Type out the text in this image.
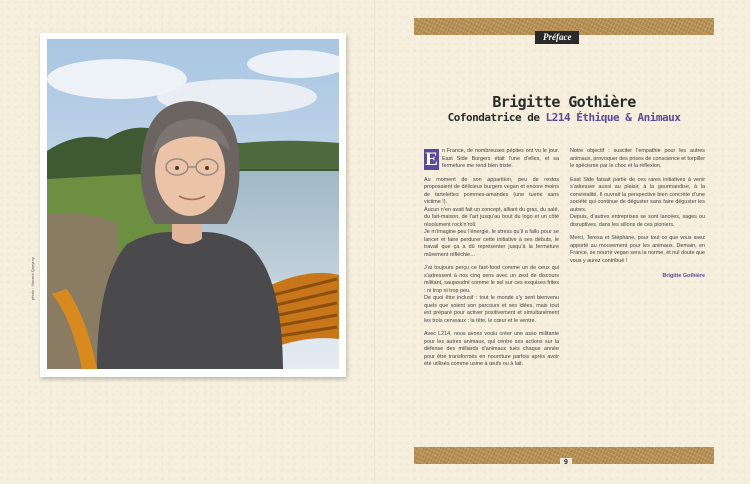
photo : Vincent Queyroy
Préface
Brigitte Gothière
Cofondatrice de L214 Éthique & Animaux

E n France, de nombreuses pépites ont vu le jour. East Side Burgers était l’une d’elles, et sa fermeture me rend bien triste.

Au moment de son apparition, peu de restos proposaient de délicieux burgers vegan et encore moins de tartelettes pommes-amandes (une tuerie sans victime !).

Aucun n’en avait fait un concept, alliant du gras, du salé, du fait-maison, de l’art jusqu’au bout du logo et un côté résolument rock’n’roll.

Je m’imagine peu l’énergie, le stress qu’il a fallu pour se lancer et faire perdurer cette initiative à ses débuts, le travail que ça a dû représenter jusqu’à la fermeture mûrement réfléchie…

J’ai toujours perçu ce fast-food comme un de ceux qui s’adressent à nos cinq sens avec un zest de discours militant, saupoudré comme le sel sur ces exquises frites : ni trop ni trop peu.

De quoi être inclusif : tout le monde s’y sent bienvenu quels que soient son parcours et ses idées, mais tout est préparé pour activer positivement et simultanément les trois cerveaux : la tête, le cœur et le ventre.

Avec L214, nous avons voulu créer une asso militante pour les autres animaux, qui centre ses actions sur la défense des milliards d’animaux tués chaque année pour être transformés en nourriture parfois après avoir été utilisés comme usine à œufs ou à lait.

Notre objectif : susciter l’empathie pour les autres animaux, provoquer des prises de conscience et torpiller le spécisme par le choc et la réflexion.

East Side faisait partie de ces rares initiatives à venir s’adresser aussi au plaisir, à la gourmandise, à la convivialité. Il ouvrait la perspective bien concrète d’une société qui continue de déguster sans faire déguster les autres.

Depuis, d’autres entreprises se sont lancées, sages ou disruptives, dans les sillons de ces pioniers.

Merci, Teresa et Stéphane, pour tout ce que vous avez apporté au mouvement pour les animaux. Demain, en France, se nourrir vegan sera la norme, et nul doute que vous y aurez contribué !

Brigitte Gothière
9
